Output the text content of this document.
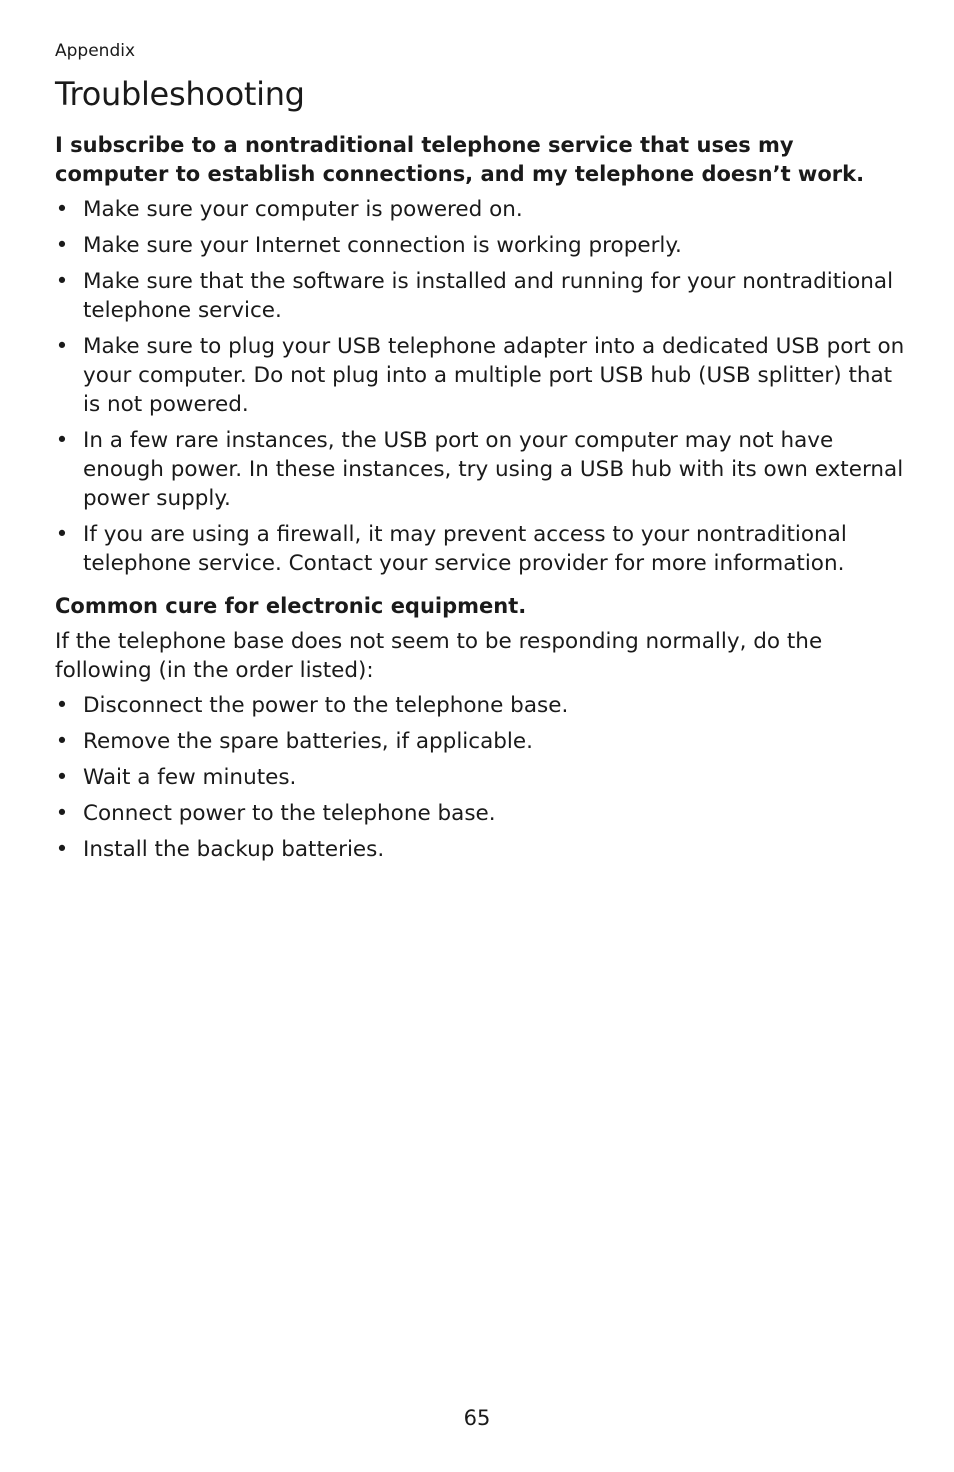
Appendix
Troubleshooting
I subscribe to a nontraditional telephone service that uses my computer to establish connections, and my telephone doesn’t work.
• Make sure your computer is powered on.
• Make sure your Internet connection is working properly.
• Make sure that the software is installed and running for your nontraditional telephone service.
• Make sure to plug your USB telephone adapter into a dedicated USB port on your computer. Do not plug into a multiple port USB hub (USB splitter) that is not powered.
• In a few rare instances, the USB port on your computer may not have enough power. In these instances, try using a USB hub with its own external power supply.
• If you are using a firewall, it may prevent access to your nontraditional telephone service. Contact your service provider for more information.
Common cure for electronic equipment.

If the telephone base does not seem to be responding normally, do the following (in the order listed):

• Disconnect the power to the telephone base.
• Remove the spare batteries, if applicable.
• Wait a few minutes.
• Connect power to the telephone base.
• Install the backup batteries.
65
